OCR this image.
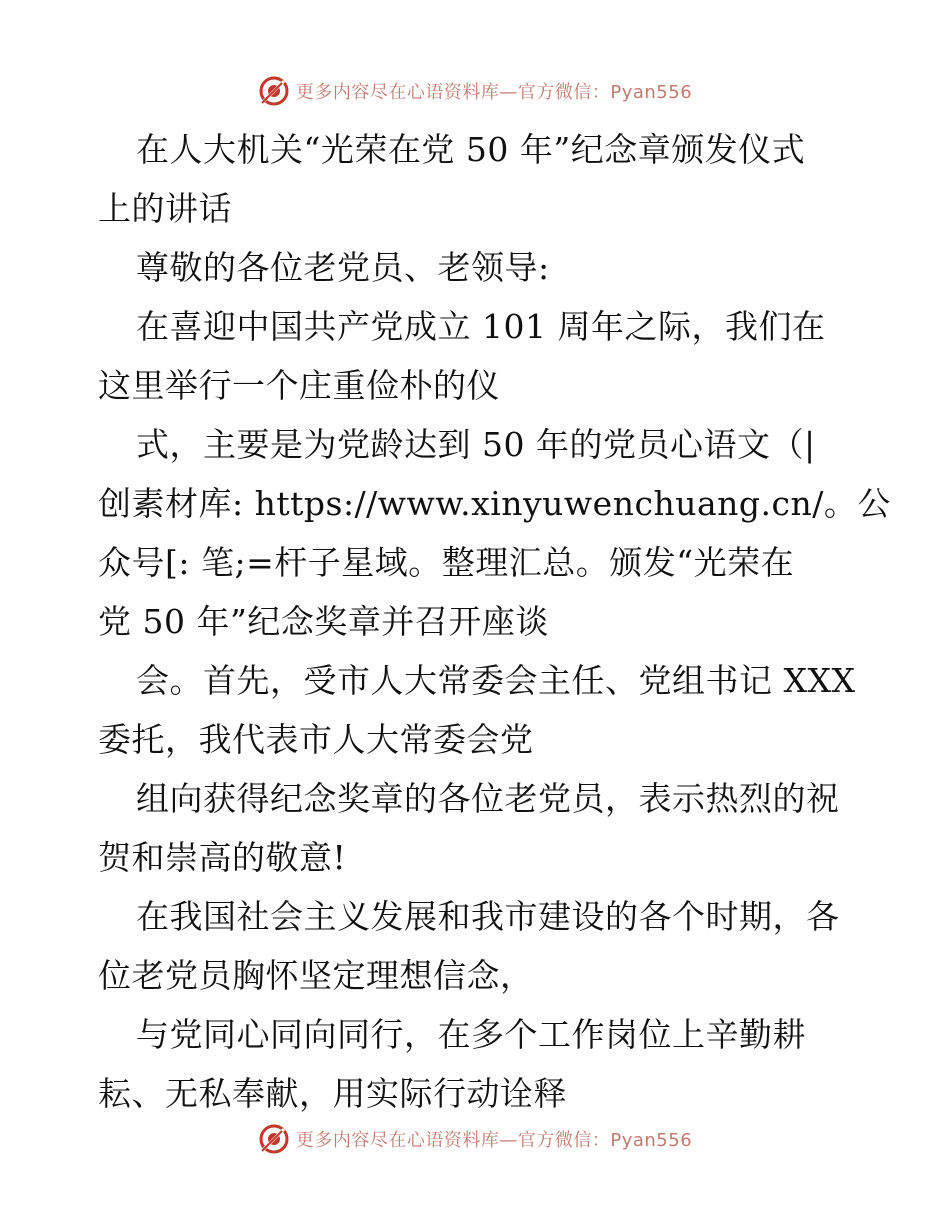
更多内容尽在心语资料库—官方微信：Pyan556
在人大机关“光荣在党 50 年”纪念章颁发仪式
上的讲话
尊敬的各位老党员、老领导:
在喜迎中国共产党成立 101 周年之际，我们在
这里举行一个庄重俭朴的仪
式，主要是为党龄达到 50 年的党员心语文（|
创素材库: https://www.xinyuwenchuang.cn/。公
众号[: 笔;=杆子星域。整理汇总。颁发“光荣在
党 50 年”纪念奖章并召开座谈
会。首先，受市人大常委会主任、党组书记 XXX
委托，我代表市人大常委会党
组向获得纪念奖章的各位老党员，表示热烈的祝
贺和崇高的敬意!
在我国社会主义发展和我市建设的各个时期，各
位老党员胸怀坚定理想信念，
与党同心同向同行，在多个工作岗位上辛勤耕
耘、无私奉献，用实际行动诠释
更多内容尽在心语资料库—官方微信：Pyan556
